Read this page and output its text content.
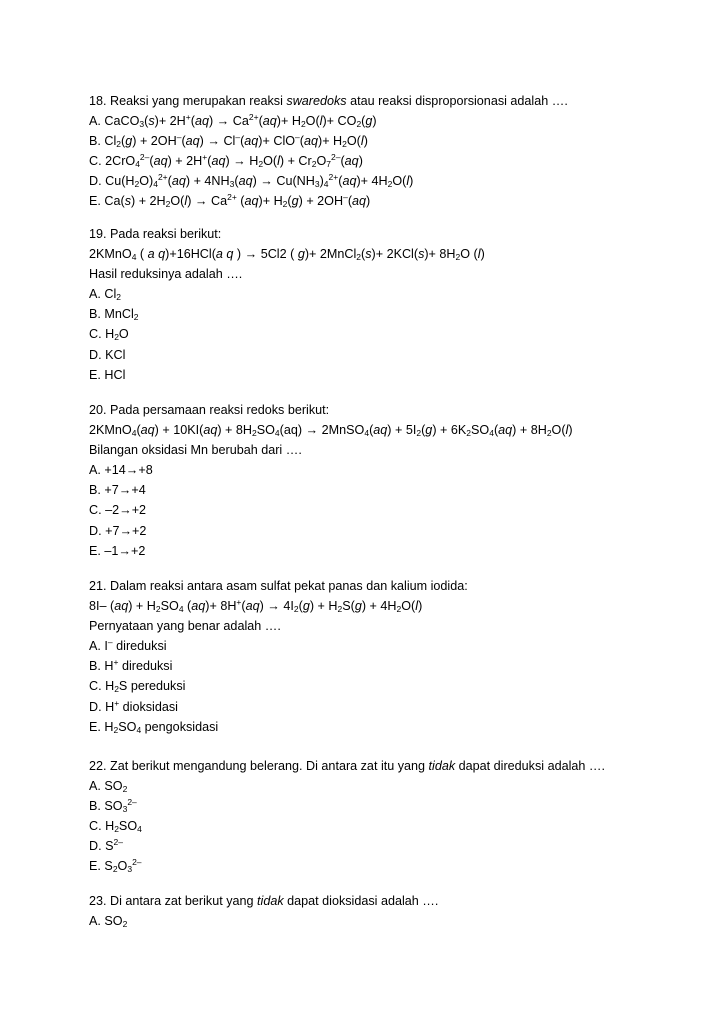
18. Reaksi yang merupakan reaksi swaredoks atau reaksi disproporsionasi adalah ….
A. CaCO$_3$(s)+ $2H^+(aq) \to Ca^{2+}(aq)+ H_2O(l)+ CO_2(g)$
B. $Cl_2(g) + 2OH^-(aq) \to Cl^-(aq)+ ClO^-(aq)+ H_2O(l)$
C. $2CrO_4^{2-}(aq) + 2H^+(aq) \to H_2O(l) + Cr_2O_7^{2-}(aq)$
D. $Cu(H_2O)_4^{2+}(aq) + 4NH_3(aq) \to Cu(NH_3)_4^{2+}(aq)+ 4H_2O(l)$
E. $Ca(s) + 2H_2O(l) \to Ca^{2+}$ $(aq)+ H_2(g) + 2OH^-(aq)$
19. Pada reaksi berikut:
2KMnO$_4$ ( a q)+16HCl(a q ) → 5Cl2 ( g)+ 2MnCl$_2$(s)+ $2KCl(s)+ 8H_2O$ (l)
Hasil reduksinya adalah ….
A. $Cl_2$
B. MnCl$_2$
C. $H_2O$
D. KCl
E. HCl
20. Pada persamaan reaksi redoks berikut:
2KMnO$_4$(aq) + $10KI(aq) + 8H_2SO_4(aq)$ → 2MnSO$_4$(aq) + $5I_2(g) + 6K_2SO_4(aq) + 8H_2O(l)$
Bilangan oksidasi Mn berubah dari ….
A. +14→+8
B. +7→+4
C. –2→+2
D. +7→+2
E. –1→+2
21. Dalam reaksi antara asam sulfat pekat panas dan kalium iodida:
8I– $(aq) + H_2SO_4$ $(aq)+ 8H^+(aq) \to 4I_2(g) + H_2S(g) + 4H_2O(l)$
Pernyataan yang benar adalah ….
A. I– direduksi
B. H+ direduksi
C. $H_2S$ pereduksi
D. H+ dioksidasi
E. $H_2SO_4$ pengoksidasi
22. Zat berikut mengandung belerang. Di antara zat itu yang tidak dapat direduksi adalah ….
A. $SO_2$
B. $SO_3^{2-}$
C. $H_2SO_4$
D. $S^{2-}$
E. $S_2O_3^{2-}$
23. Di antara zat berikut yang tidak dapat dioksidasi adalah ….
A. $SO_2$
